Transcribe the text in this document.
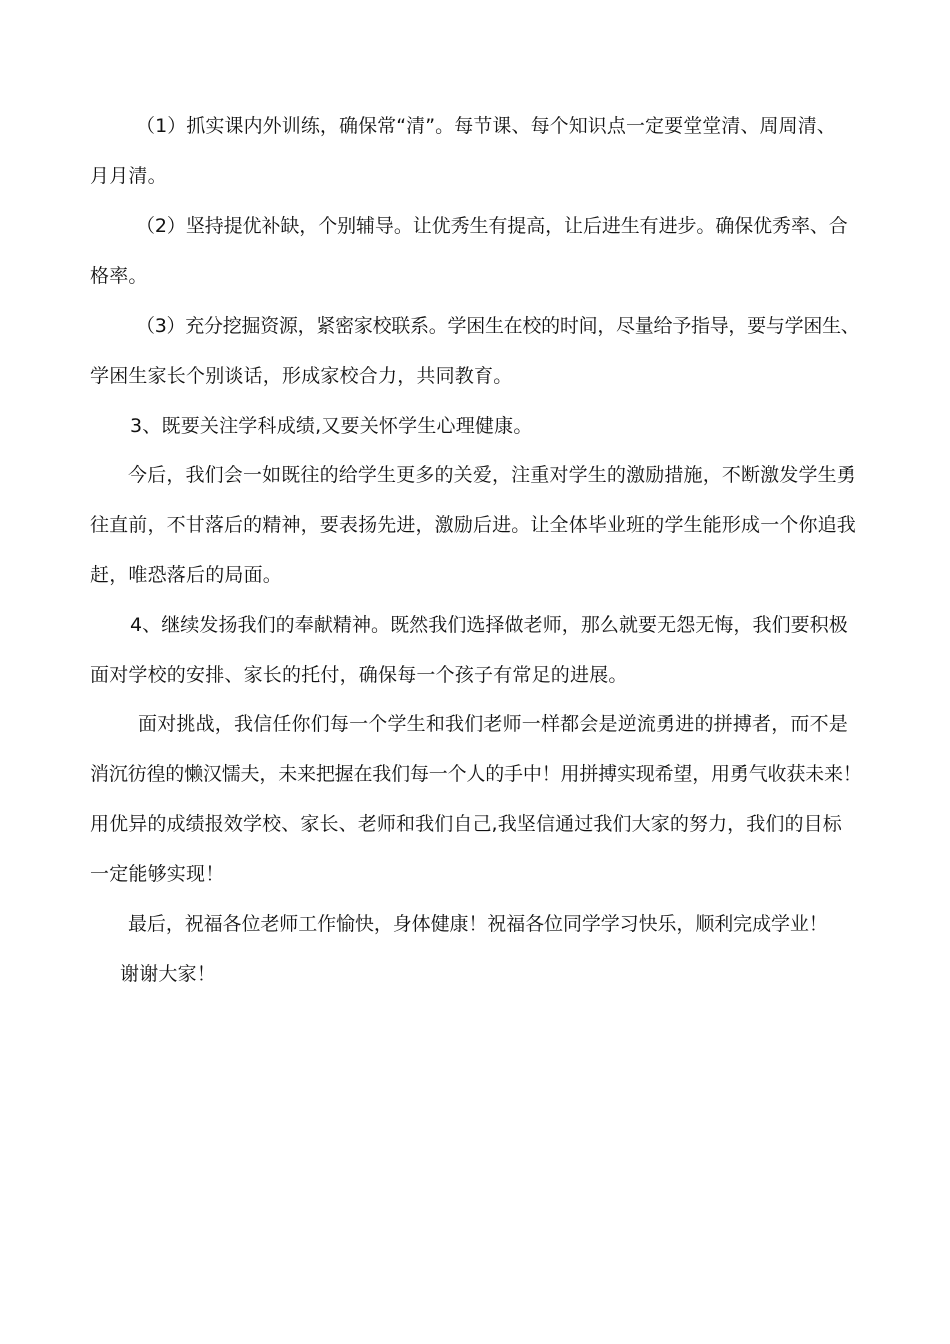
（1）抓实课内外训练，确保常“清”。每节课、每个知识点一定要堂堂清、周周清、
月月清。
（2）坚持提优补缺，个别辅导。让优秀生有提高，让后进生有进步。确保优秀率、合
格率。
（3）充分挖掘资源，紧密家校联系。学困生在校的时间，尽量给予指导，要与学困生、
学困生家长个别谈话，形成家校合力，共同教育。
3、既要关注学科成绩,又要关怀学生心理健康。
今后，我们会一如既往的给学生更多的关爱，注重对学生的激励措施，不断激发学生勇
往直前，不甘落后的精神，要表扬先进，激励后进。让全体毕业班的学生能形成一个你追我
赶，唯恐落后的局面。
4、继续发扬我们的奉献精神。既然我们选择做老师，那么就要无怨无悔，我们要积极
面对学校的安排、家长的托付，确保每一个孩子有常足的进展。
面对挑战，我信任你们每一个学生和我们老师一样都会是逆流勇进的拼搏者，而不是
消沉彷徨的懒汉懦夫，未来把握在我们每一个人的手中！用拼搏实现希望，用勇气收获未来！
用优异的成绩报效学校、家长、老师和我们自己,我坚信通过我们大家的努力，我们的目标
一定能够实现！
最后，祝福各位老师工作愉快，身体健康！祝福各位同学学习快乐，顺利完成学业！
谢谢大家！
